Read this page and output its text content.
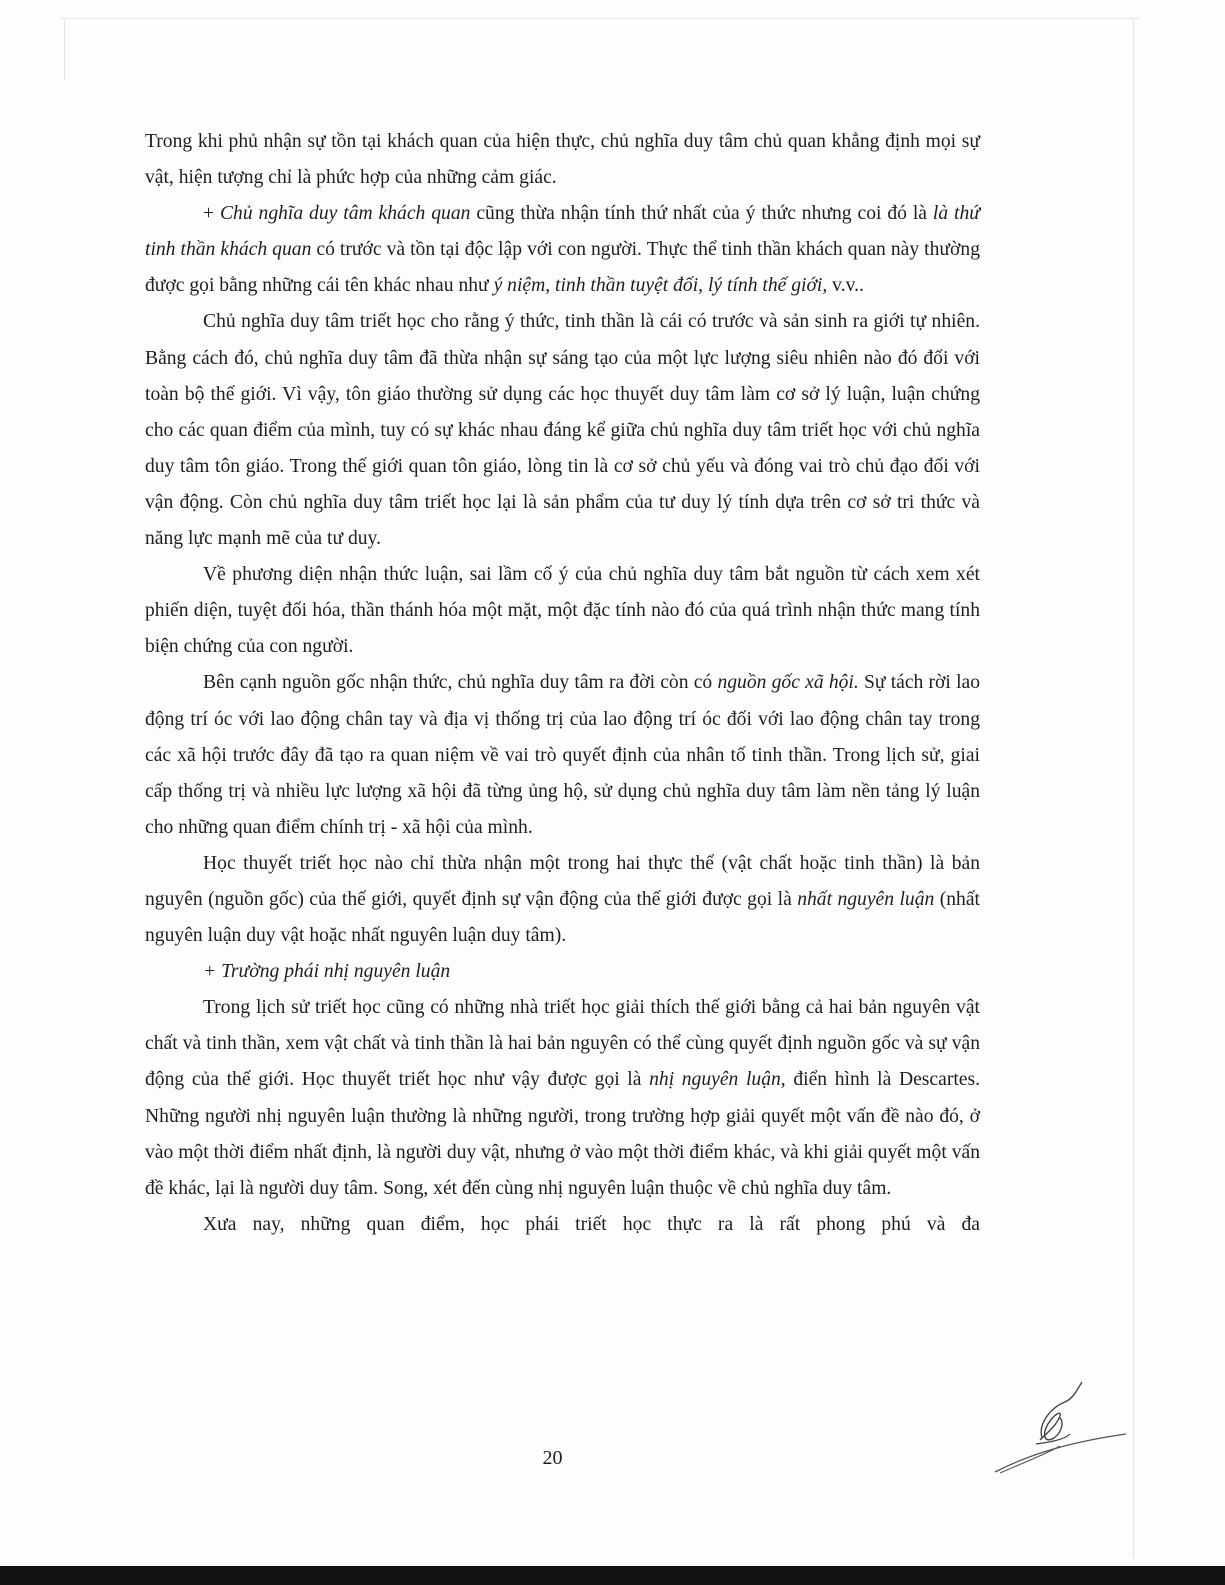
Trong khi phủ nhận sự tồn tại khách quan của hiện thực, chủ nghĩa duy tâm chủ quan khẳng định mọi sự vật, hiện tượng chỉ là phức hợp của những cảm giác.

+ Chủ nghĩa duy tâm khách quan cũng thừa nhận tính thứ nhất của ý thức nhưng coi đó là là thứ tinh thần khách quan có trước và tồn tại độc lập với con người. Thực thể tinh thần khách quan này thường được gọi bằng những cái tên khác nhau như ý niệm, tinh thần tuyệt đối, lý tính thế giới, v.v..

Chủ nghĩa duy tâm triết học cho rằng ý thức, tinh thần là cái có trước và sản sinh ra giới tự nhiên. Bằng cách đó, chủ nghĩa duy tâm đã thừa nhận sự sáng tạo của một lực lượng siêu nhiên nào đó đối với toàn bộ thế giới. Vì vậy, tôn giáo thường sử dụng các học thuyết duy tâm làm cơ sở lý luận, luận chứng cho các quan điểm của mình, tuy có sự khác nhau đáng kể giữa chủ nghĩa duy tâm triết học với chủ nghĩa duy tâm tôn giáo. Trong thế giới quan tôn giáo, lòng tin là cơ sở chủ yếu và đóng vai trò chủ đạo đối với vận động. Còn chủ nghĩa duy tâm triết học lại là sản phẩm của tư duy lý tính dựa trên cơ sở tri thức và năng lực mạnh mẽ của tư duy.

Về phương diện nhận thức luận, sai lầm cố ý của chủ nghĩa duy tâm bắt nguồn từ cách xem xét phiến diện, tuyệt đối hóa, thần thánh hóa một mặt, một đặc tính nào đó của quá trình nhận thức mang tính biện chứng của con người.

Bên cạnh nguồn gốc nhận thức, chủ nghĩa duy tâm ra đời còn có nguồn gốc xã hội. Sự tách rời lao động trí óc với lao động chân tay và địa vị thống trị của lao động trí óc đối với lao động chân tay trong các xã hội trước đây đã tạo ra quan niệm về vai trò quyết định của nhân tố tinh thần. Trong lịch sử, giai cấp thống trị và nhiều lực lượng xã hội đã từng ủng hộ, sử dụng chủ nghĩa duy tâm làm nền tảng lý luận cho những quan điểm chính trị - xã hội của mình.

Học thuyết triết học nào chỉ thừa nhận một trong hai thực thể (vật chất hoặc tinh thần) là bản nguyên (nguồn gốc) của thế giới, quyết định sự vận động của thế giới được gọi là nhất nguyên luận (nhất nguyên luận duy vật hoặc nhất nguyên luận duy tâm).

+ Trường phái nhị nguyên luận

Trong lịch sử triết học cũng có những nhà triết học giải thích thế giới bằng cả hai bản nguyên vật chất và tinh thần, xem vật chất và tinh thần là hai bản nguyên có thể cùng quyết định nguồn gốc và sự vận động của thế giới. Học thuyết triết học như vậy được gọi là nhị nguyên luận, điển hình là Descartes. Những người nhị nguyên luận thường là những người, trong trường hợp giải quyết một vấn đề nào đó, ở vào một thời điểm nhất định, là người duy vật, nhưng ở vào một thời điểm khác, và khi giải quyết một vấn đề khác, lại là người duy tâm. Song, xét đến cùng nhị nguyên luận thuộc về chủ nghĩa duy tâm.

Xưa nay, những quan điểm, học phái triết học thực ra là rất phong phú và đa

20
